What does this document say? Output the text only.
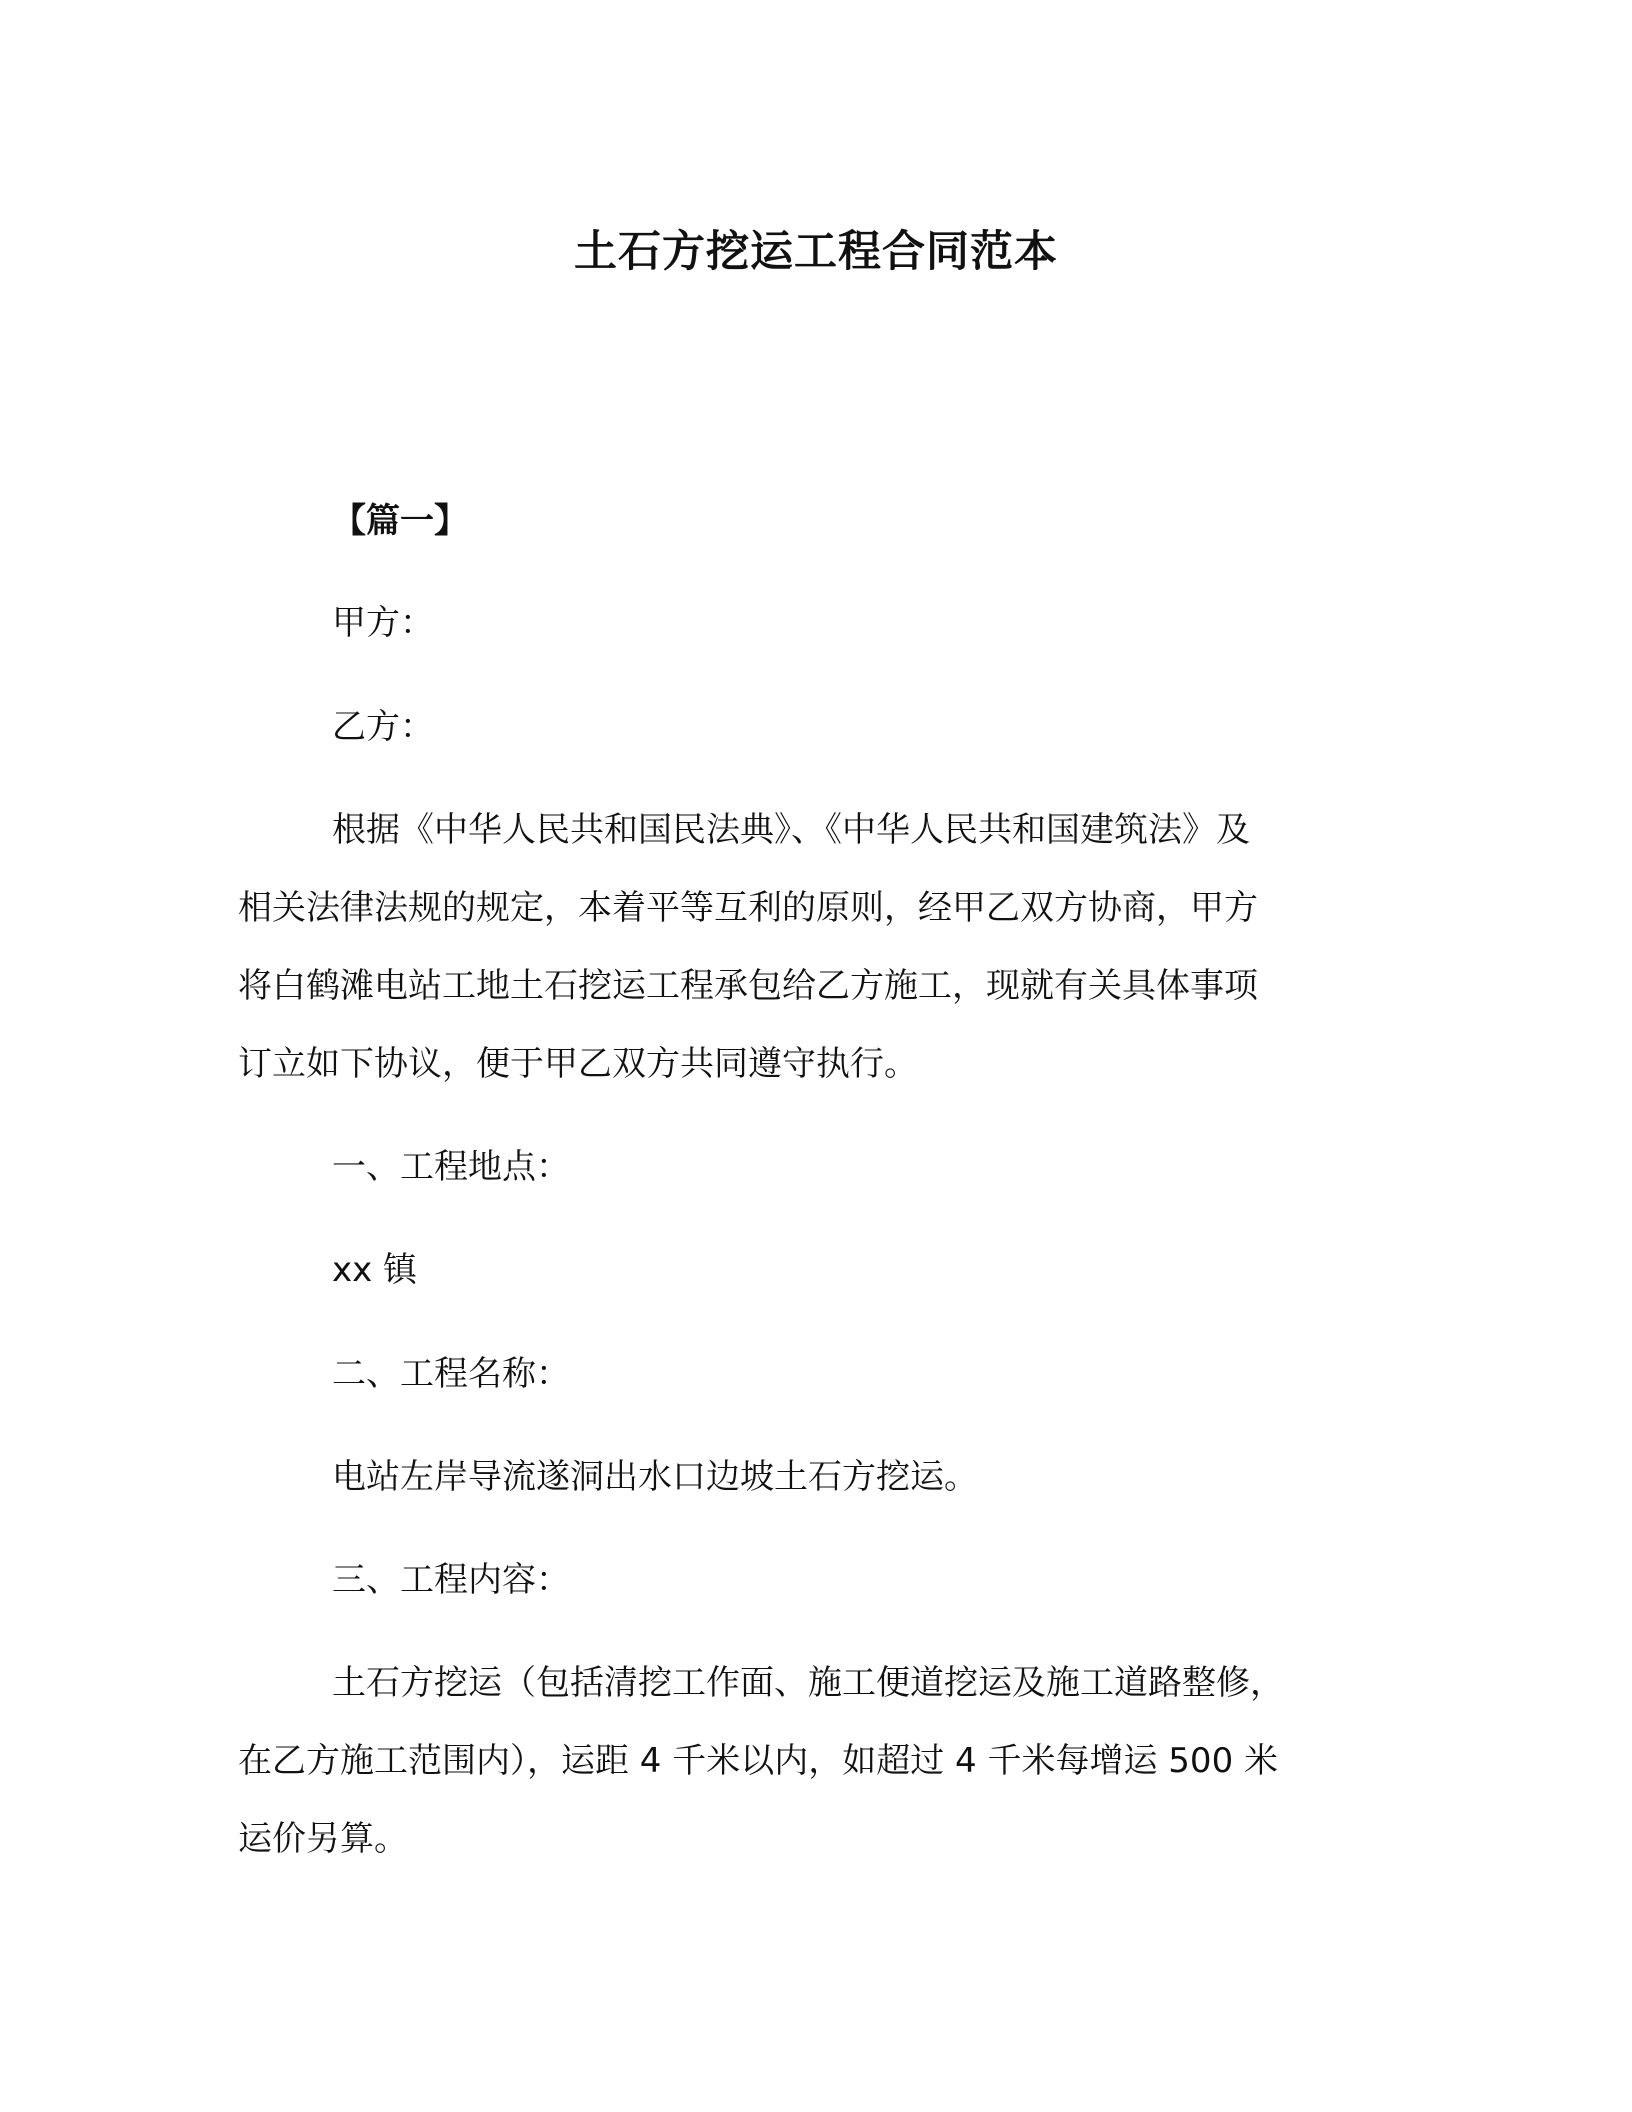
土石方挖运工程合同范本

【篇一】

甲方：

乙方：

根据《中华人民共和国民法典》、《中华人民共和国建筑法》及

相关法律法规的规定，本着平等互利的原则，经甲乙双方协商，甲方

将白鹤滩电站工地土石挖运工程承包给乙方施工，现就有关具体事项

订立如下协议，便于甲乙双方共同遵守执行。

一、工程地点：

xx 镇

二、工程名称：

电站左岸导流遂洞出水口边坡土石方挖运。

三、工程内容：

土石方挖运（包括清挖工作面、施工便道挖运及施工道路整修，

在乙方施工范围内），运距 4 千米以内，如超过 4 千米每增运 500 米

运价另算。
